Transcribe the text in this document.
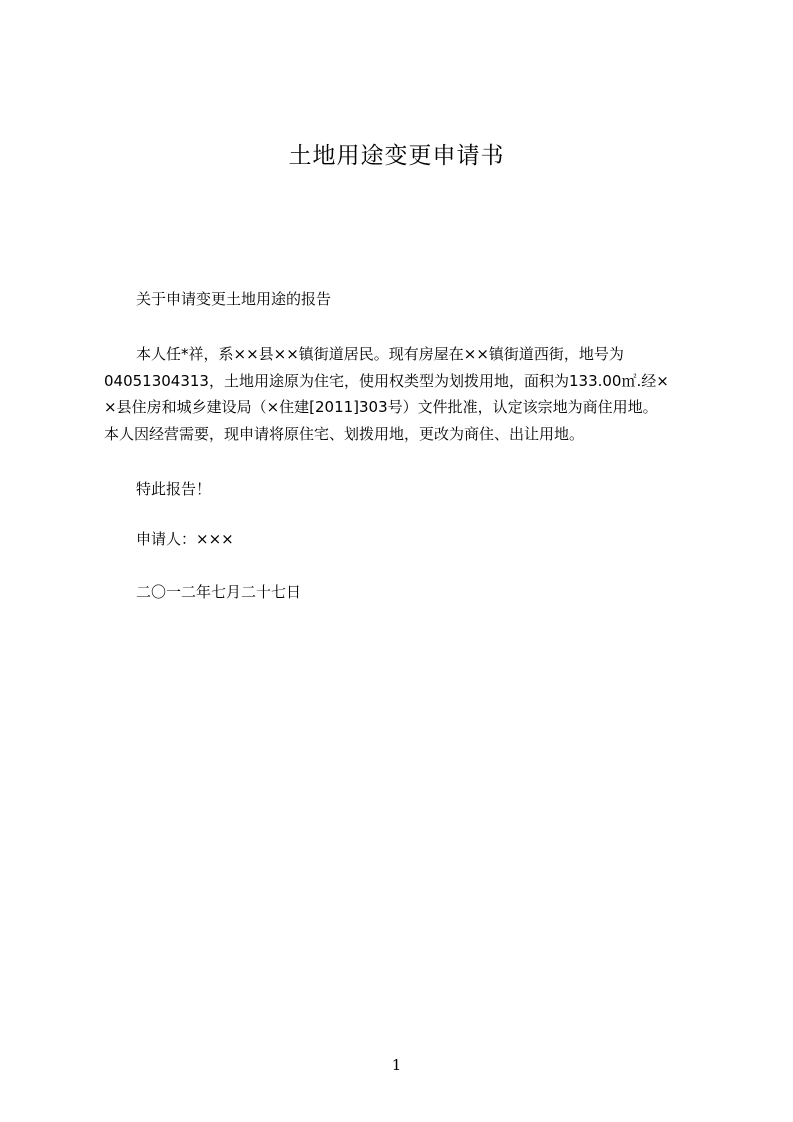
土地用途变更申请书
关于申请变更土地用途的报告
本人任*祥，系××县××镇街道居民。现有房屋在××镇街道西街，地号为
04051304313，土地用途原为住宅，使用权类型为划拨用地，面积为133.00㎡.经×
×县住房和城乡建设局（×住建[2011]303号）文件批准，认定该宗地为商住用地。
本人因经营需要，现申请将原住宅、划拨用地，更改为商住、出让用地。
特此报告！
申请人：×××
二〇一二年七月二十七日
1
